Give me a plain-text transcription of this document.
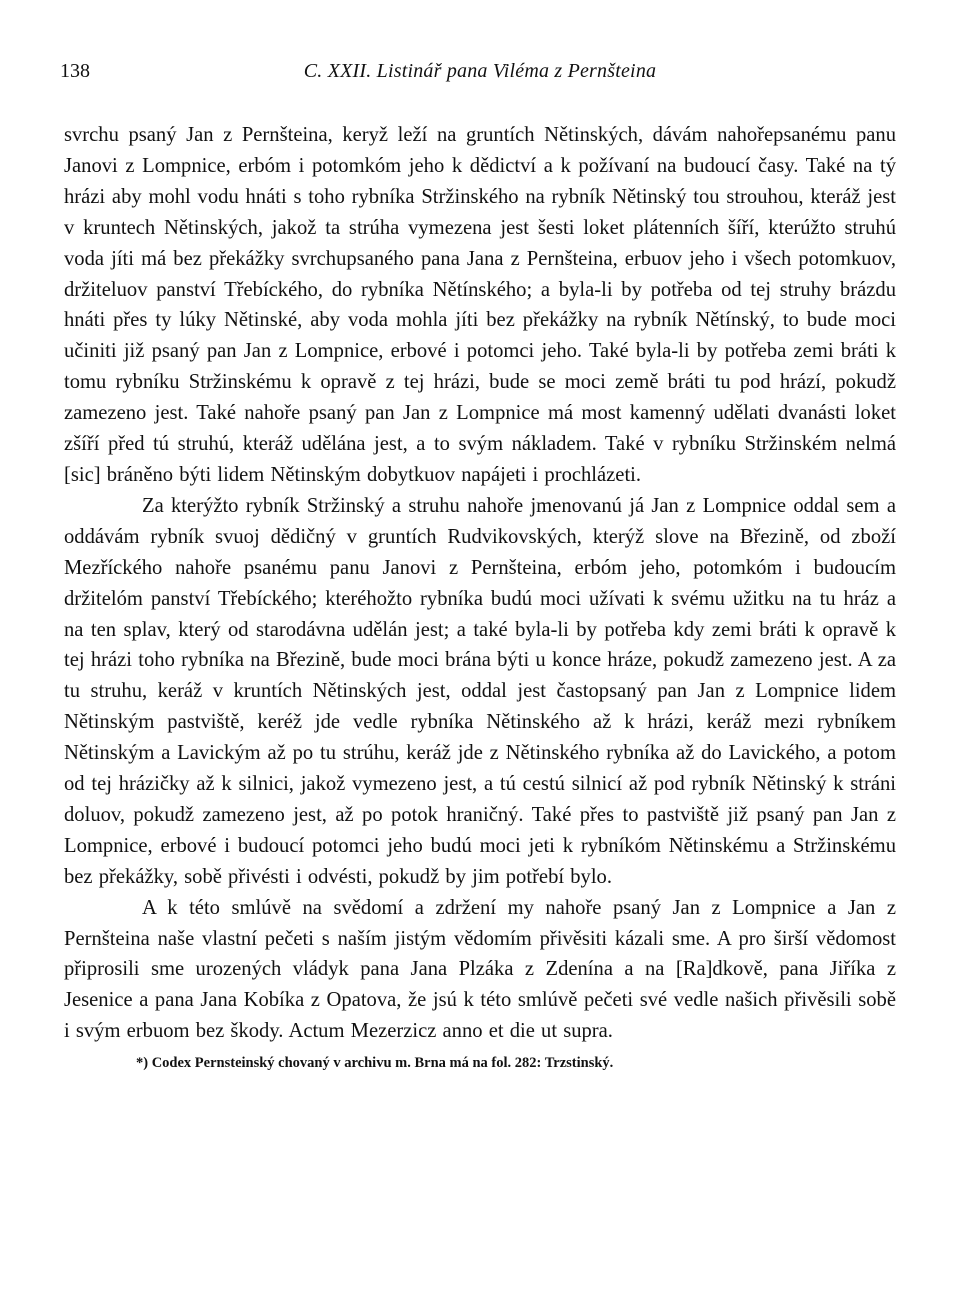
138	C. XXII. Listinář pana Viléma z Pernšteina

svrchu psaný Jan z Pernšteina, keryž leží na gruntích Nětinských, dávám nahořepsanému panu Janovi z Lompnice, erbóm i potomkóm jeho k dědictví a k požívaní na budoucí časy. Také na tý hrázi aby mohl vodu hnáti s toho rybníka Stržinského na rybník Nětinský tou strouhou, kteráž jest v kruntech Nětinských, jakož ta strúha vymezena jest šesti loket plátenních šíří, kterúžto struhú voda jíti má bez překážky svrchupsaného pana Jana z Pernšteina, erbuov jeho i všech potomkuov, držiteluov panství Třebíckého, do rybníka Nětínského; a byla-li by potřeba od tej struhy brázdu hnáti přes ty lúky Nětinské, aby voda mohla jíti bez překážky na rybník Nětínský, to bude moci učiniti již psaný pan Jan z Lompnice, erbové i potomci jeho. Také byla-li by potřeba zemi bráti k tomu rybníku Stržinskému k opravě z tej hrázi, bude se moci země bráti tu pod hrází, pokudž zamezeno jest. Také nahoře psaný pan Jan z Lompnice má most kamenný udělati dvanásti loket zšíří před tú struhú, kteráž udělána jest, a to svým nákladem. Také v rybníku Stržinském nelmá [sic] bráněno býti lidem Nětinským dobytkuov napájeti i prochlázeti.

Za kterýžto rybník Stržinský a struhu nahoře jmenovanú já Jan z Lompnice oddal sem a oddávám rybník svuoj dědičný v gruntích Rudvikovských, kterýž slove na Březině, od zboží Mezříckého nahoře psanému panu Janovi z Pernšteina, erbóm jeho, potomkóm i budoucím držitelóm panství Třebíckého; kteréhožto rybníka budú moci užívati k svému užitku na tu hráz a na ten splav, který od starodávna udělán jest; a také byla-li by potřeba kdy zemi bráti k opravě k tej hrázi toho rybníka na Březině, bude moci brána býti u konce hráze, pokudž zamezeno jest. A za tu struhu, keráž v kruntích Nětinských jest, oddal jest častopsaný pan Jan z Lompnice lidem Nětinským pastviště, keréž jde vedle rybníka Nětinského až k hrázi, keráž mezi rybníkem Nětinským a Lavickým až po tu strúhu, keráž jde z Nětinského rybníka až do Lavického, a potom od tej hrázičky až k silnici, jakož vymezeno jest, a tú cestú silnicí až pod rybník Nětinský k stráni doluov, pokudž zamezeno jest, až po potok hraničný. Také přes to pastviště již psaný pan Jan z Lompnice, erbové i budoucí potomci jeho budú moci jeti k rybníkóm Nětinskému a Stržinskému bez překážky, sobě přivésti i odvésti, pokudž by jim potřebí bylo.

A k této smlúvě na svědomí a zdržení my nahoře psaný Jan z Lompnice a Jan z Pernšteina naše vlastní pečeti s naším jistým vědomím přivěsiti kázali sme. A pro širší vědomost připrosili sme urozených vládyk pana Jana Plzáka z Zdenína a na [Ra]dkově, pana Jiříka z Jesenice a pana Jana Kobíka z Opatova, že jsú k této smlúvě pečeti své vedle našich přivěsili sobě i svým erbuom bez škody. Actum Mezerzicz anno et die ut supra.

*) Codex Pernsteinský chovaný v archivu m. Brna má na fol. 282: Trzstinský.
